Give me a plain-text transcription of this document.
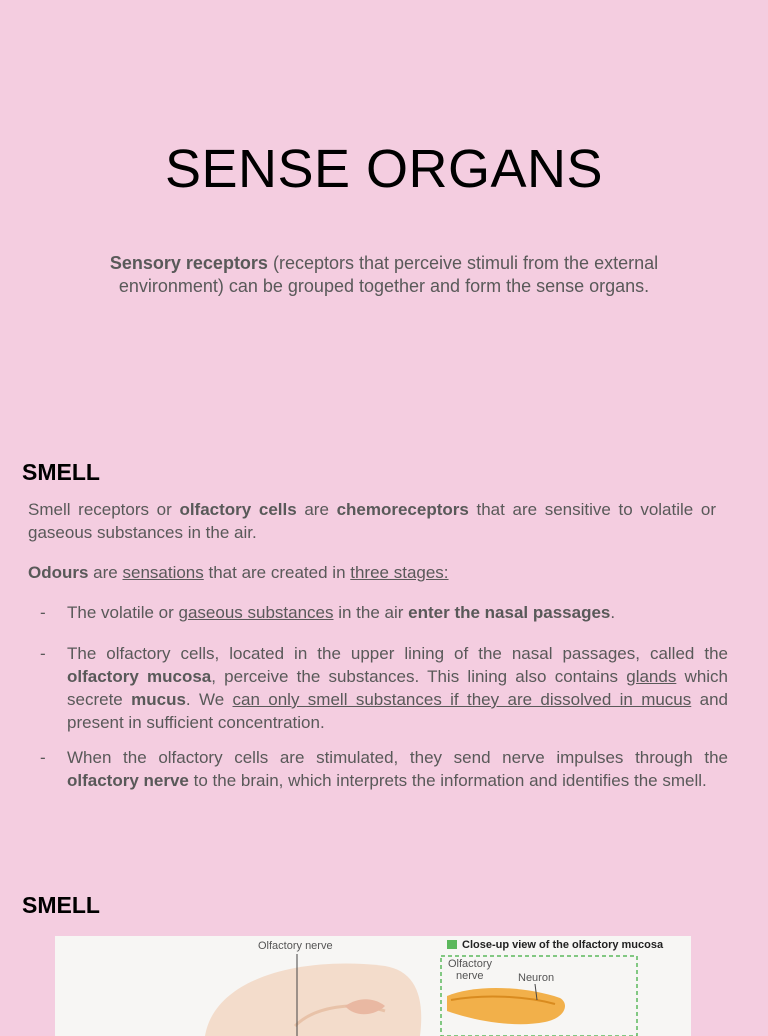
SENSE ORGANS
Sensory receptors (receptors that perceive stimuli from the external environment) can be grouped together and form the sense organs.
SMELL
Smell receptors or olfactory cells are chemoreceptors that are sensitive to volatile or gaseous substances in the air.
Odours are sensations that are created in three stages:
- The volatile or gaseous substances in the air enter the nasal passages.
- The olfactory cells, located in the upper lining of the nasal passages, called the olfactory mucosa, perceive the substances. This lining also contains glands which secrete mucus. We can only smell substances if they are dissolved in mucus and present in sufficient concentration.
- When the olfactory cells are stimulated, they send nerve impulses through the olfactory nerve to the brain, which interprets the information and identifies the smell.
SMELL
Olfactory nerve	Close-up view of the olfactory mucosa
Olfactory
nerve	Neuron
